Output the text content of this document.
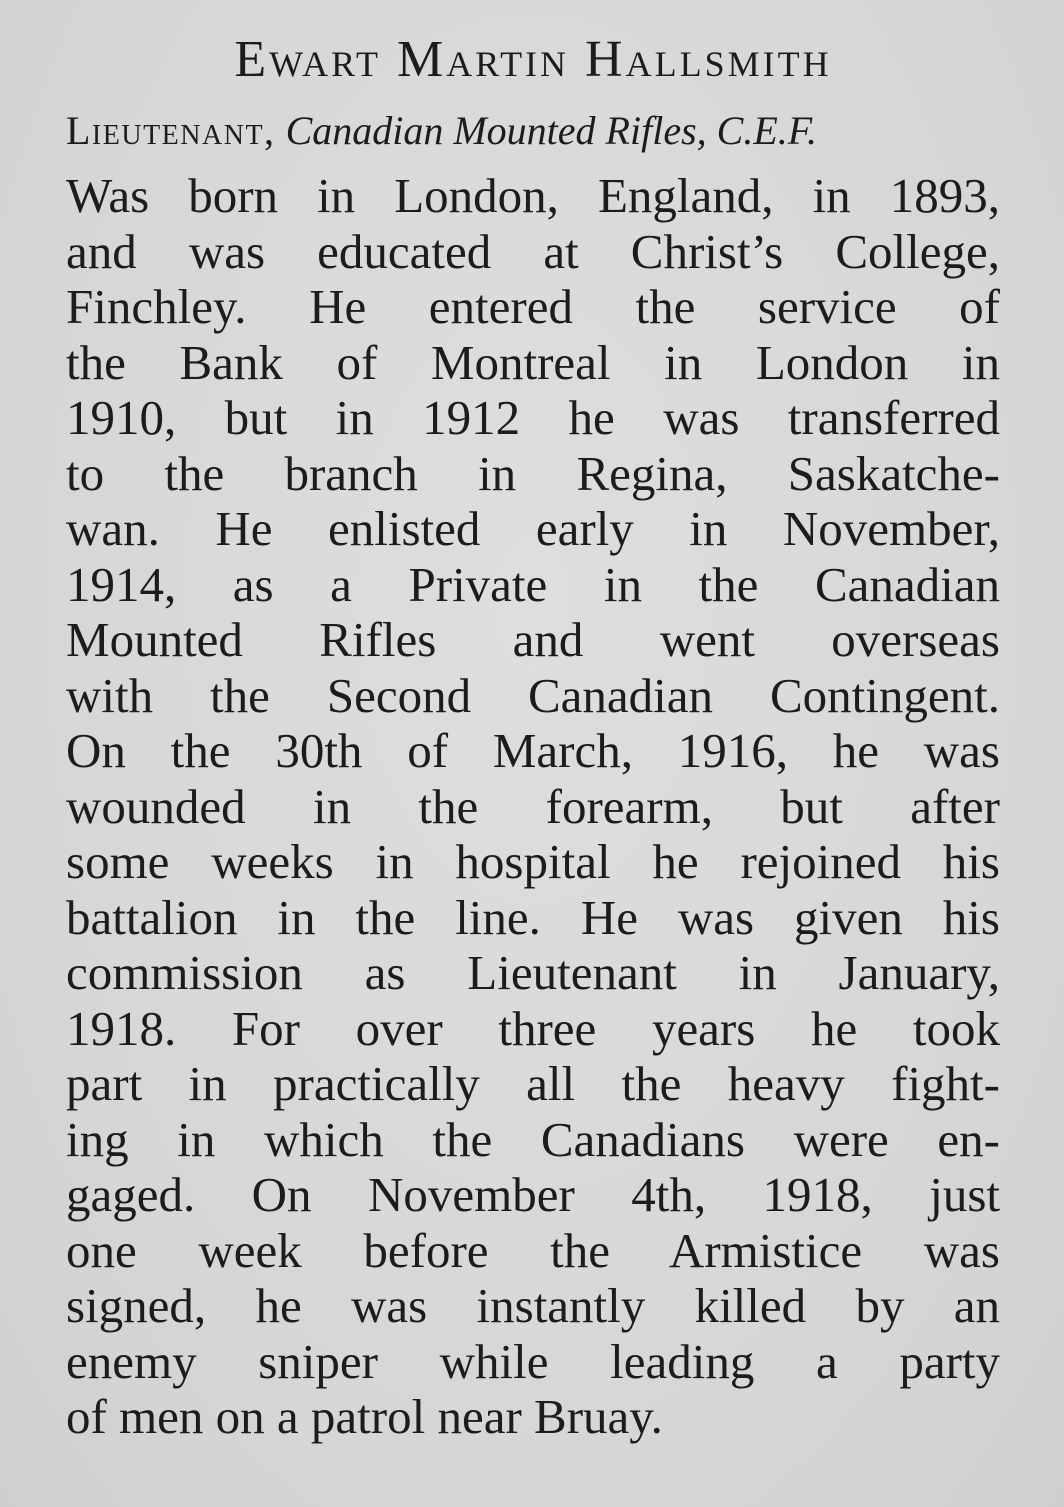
Ewart Martin Hallsmith

Lieutenant, Canadian Mounted Rifles, C.E.F.

Was born in London, England, in 1893,
and was educated at Christ’s College,
Finchley. He entered the service of
the Bank of Montreal in London in
1910, but in 1912 he was transferred
to the branch in Regina, Saskatche-
wan. He enlisted early in November,
1914, as a Private in the Canadian
Mounted Rifles and went overseas
with the Second Canadian Contingent.
On the 30th of March, 1916, he was
wounded in the forearm, but after
some weeks in hospital he rejoined his
battalion in the line. He was given his
commission as Lieutenant in January,
1918. For over three years he took
part in practically all the heavy fight-
ing in which the Canadians were en-
gaged. On November 4th, 1918, just
one week before the Armistice was
signed, he was instantly killed by an
enemy sniper while leading a party
of men on a patrol near Bruay.
